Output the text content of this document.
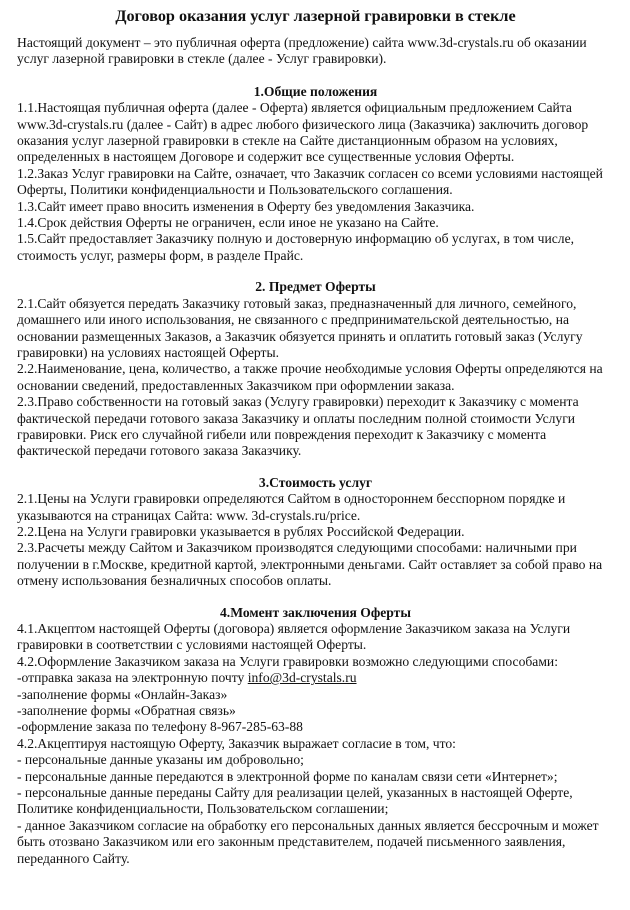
Договор оказания услуг лазерной гравировки в стекле

Настоящий документ – это публичная оферта (предложение) сайта www.3d-crystals.ru об оказании услуг лазерной гравировки в стекле (далее - Услуг гравировки).

1.Общие положения

1.1.Настоящая публичная оферта (далее - Оферта) является официальным предложением Сайта www.3d-crystals.ru (далее - Сайт) в адрес любого физического лица (Заказчика) заключить договор оказания услуг лазерной гравировки в стекле на Сайте дистанционным образом на условиях, определенных в настоящем Договоре и содержит все существенные условия Оферты.

1.2.Заказ Услуг гравировки на Сайте, означает, что Заказчик согласен со всеми условиями настоящей Оферты, Политики конфиденциальности и Пользовательского соглашения.

1.3.Сайт имеет право вносить изменения в Оферту без уведомления Заказчика.

1.4.Срок действия Оферты не ограничен, если иное не указано на Сайте.

1.5.Сайт предоставляет Заказчику полную и достоверную информацию об услугах, в том числе, стоимость услуг, размеры форм, в разделе Прайс.

2. Предмет Оферты

2.1.Сайт обязуется передать Заказчику готовый заказ, предназначенный для личного, семейного, домашнего или иного использования, не связанного с предпринимательской деятельностью, на основании размещенных Заказов, а Заказчик обязуется принять и оплатить готовый заказ (Услугу гравировки) на условиях настоящей Оферты.

2.2.Наименование, цена, количество, а также прочие необходимые условия Оферты определяются на основании сведений, предоставленных Заказчиком при оформлении заказа.

2.3.Право собственности на готовый заказ (Услугу гравировки) переходит к Заказчику с момента фактической передачи готового заказа Заказчику и оплаты последним полной стоимости Услуги гравировки. Риск его случайной гибели или повреждения переходит к Заказчику с момента фактической передачи готового заказа Заказчику.

3.Стоимость услуг

2.1.Цены на Услуги гравировки определяются Сайтом в одностороннем бесспорном порядке и указываются на страницах Сайта: www. 3d-crystals.ru/price.

2.2.Цена на Услуги гравировки указывается в рублях Российской Федерации.

2.3.Расчеты между Сайтом и Заказчиком производятся следующими способами: наличными при получении в г.Москве, кредитной картой, электронными деньгами. Сайт оставляет за собой право на отмену использования безналичных способов оплаты.

4.Момент заключения Оферты

4.1.Акцептом настоящей Оферты (договора) является оформление Заказчиком заказа на Услуги гравировки в соответствии с условиями настоящей Оферты.

4.2.Оформление Заказчиком заказа на Услуги гравировки возможно следующими способами:

-отправка заказа на электронную почту info@3d-crystals.ru

-заполнение формы «Онлайн-Заказ»

-заполнение формы «Обратная связь»

-оформление заказа по телефону 8-967-285-63-88

4.2.Акцептируя настоящую Оферту, Заказчик выражает согласие в том, что:

- персональные данные указаны им добровольно;

- персональные данные передаются в электронной форме по каналам связи сети «Интернет»;

- персональные данные переданы Сайту для реализации целей, указанных в настоящей Оферте, Политике конфиденциальности, Пользовательском соглашении;

- данное Заказчиком согласие на обработку его персональных данных является бессрочным и может быть отозвано Заказчиком или его законным представителем, подачей письменного заявления, переданного Сайту.
